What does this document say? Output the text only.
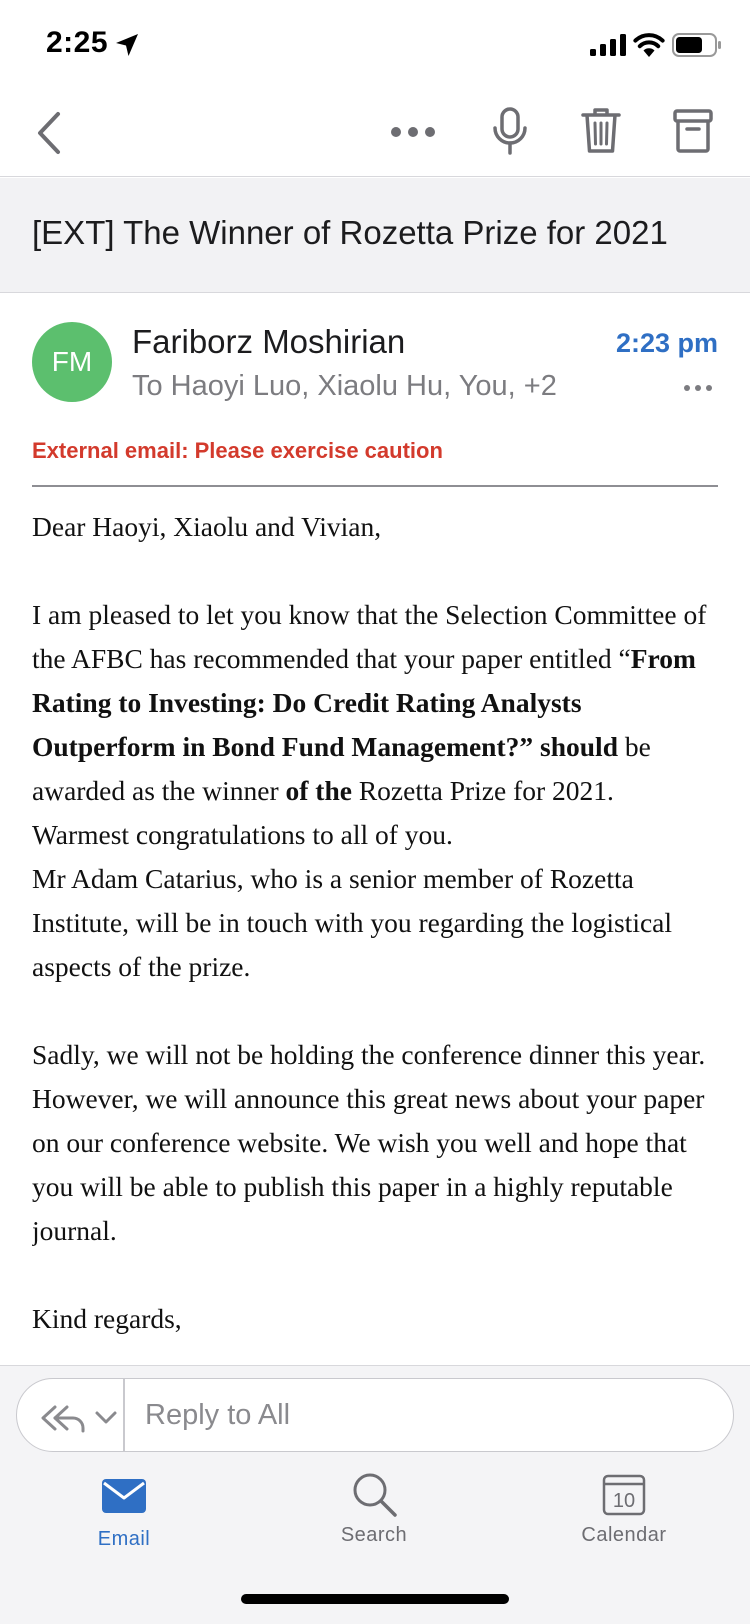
2:25
[EXT] The Winner of Rozetta Prize for 2021
FM
Fariborz Moshirian
To Haoyi Luo, Xiaolu Hu, You, +2
2:23 pm
External email: Please exercise caution

Dear Haoyi, Xiaolu and Vivian,

I am pleased to let you know that the Selection Committee of the AFBC has recommended that your paper entitled “From Rating to Investing: Do Credit Rating Analysts Outperform in Bond Fund Management?” should be awarded as the winner of the Rozetta Prize for 2021.

Warmest congratulations to all of you.

Mr Adam Catarius, who is a senior member of Rozetta Institute, will be in touch with you regarding the logistical aspects of the prize.

Sadly, we will not be holding the conference dinner this year. However, we will announce this great news about your paper on our conference website. We wish you well and hope that you will be able to publish this paper in a highly reputable journal.

Kind regards,

Reply to All
Email	Search
10
Calendar
